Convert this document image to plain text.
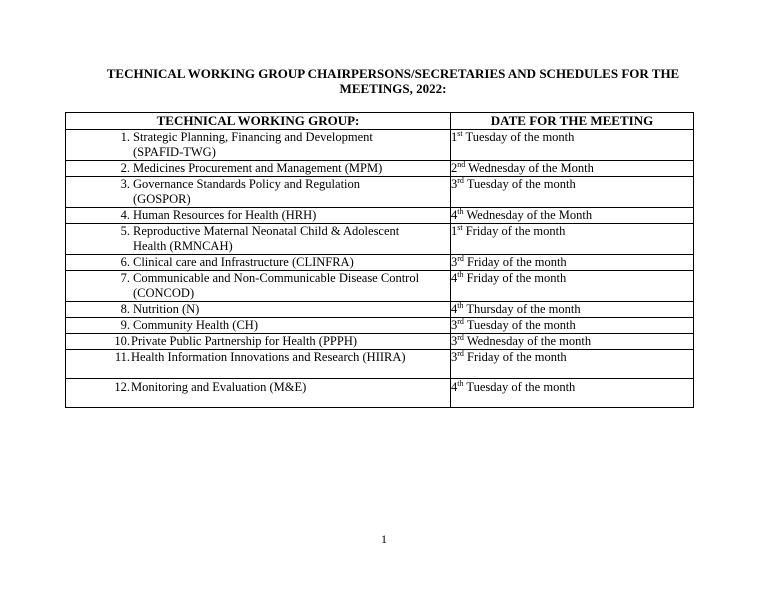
TECHNICAL WORKING GROUP CHAIRPERSONS/SECRETARIES AND SCHEDULES FOR THE
MEETINGS, 2022:
TECHNICAL WORKING GROUP:	DATE FOR THE MEETING

1. Strategic Planning, Financing and Development
(SPAFID-TWG)	1st Tuesday of the month

2. Medicines Procurement and Management (MPM)	2nd Wednesday of the Month

3. Governance Standards Policy and Regulation
(GOSPOR)	3rd Tuesday of the month

4. Human Resources for Health (HRH)	4th Wednesday of the Month

5. Reproductive Maternal Neonatal Child & Adolescent
Health (RMNCAH)	1st Friday of the month

6. Clinical care and Infrastructure (CLINFRA)	3rd Friday of the month

7. Communicable and Non-Communicable Disease Control
(CONCOD)	4th Friday of the month

8. Nutrition (N)	4th Thursday of the month

9. Community Health (CH)	3rd Tuesday of the month

10. Private Public Partnership for Health (PPPH)	3rd Wednesday of the month

11. Health Information Innovations and Research (HIIRA)	3rd Friday of the month

12. Monitoring and Evaluation (M&E)	4th Tuesday of the month
1
